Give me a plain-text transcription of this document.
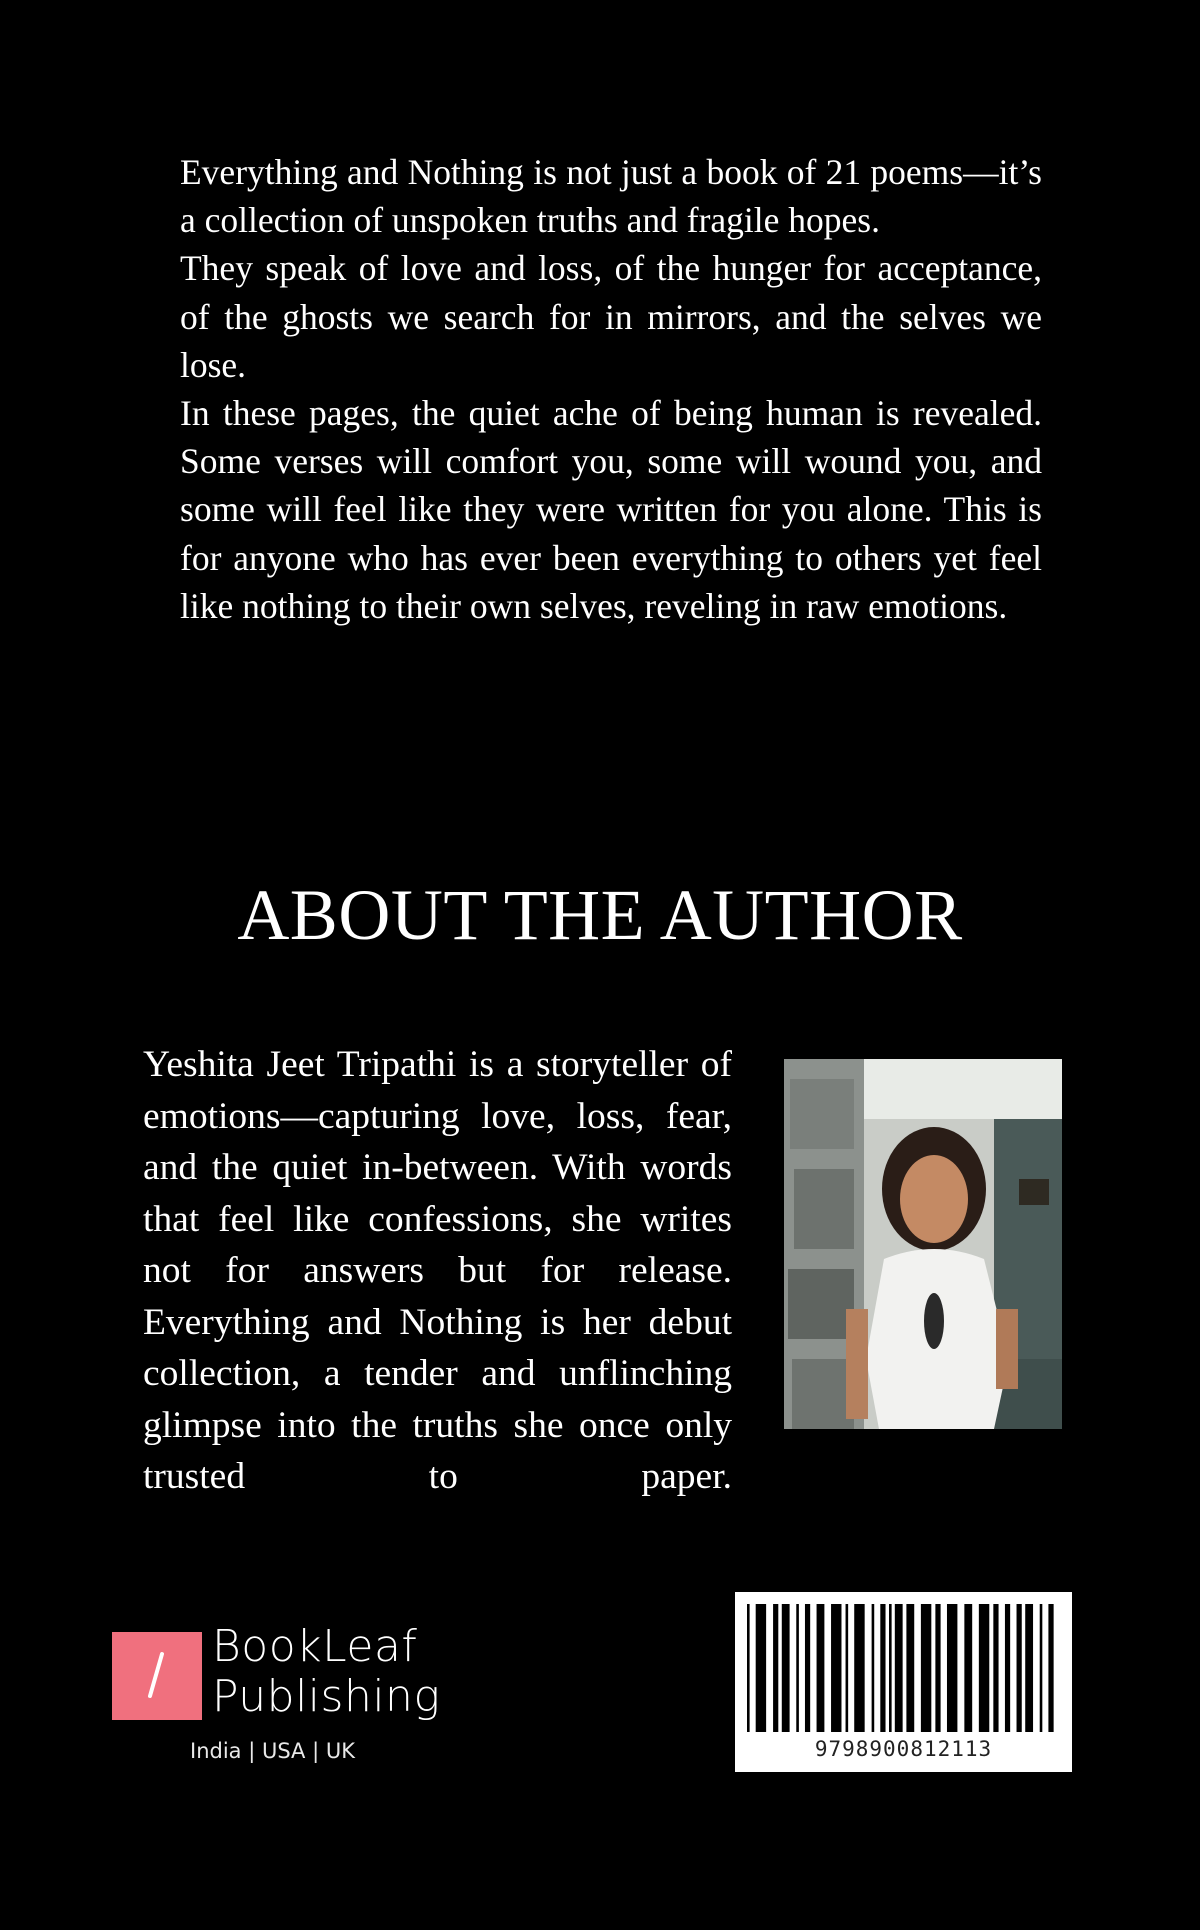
Everything and Nothing is not just a book of 21 poems—it’s a collection of unspoken truths and fragile hopes.

They speak of love and loss, of the hunger for acceptance, of the ghosts we search for in mirrors, and the selves we lose.

In these pages, the quiet ache of being human is revealed. Some verses will comfort you, some will wound you, and some will feel like they were written for you alone. This is for anyone who has ever been everything to others yet feel like nothing to their own selves, reveling in raw emotions.

ABOUT THE AUTHOR

Yeshita Jeet Tripathi is a storyteller of emotions—capturing love, loss, fear, and the quiet in-between. With words that feel like confessions, she writes not for answers but for release. Everything and Nothing is her debut collection, a tender and unflinching glimpse into the truths she once only trusted to paper.

BookLeaf
Publishing
India | USA | UK	9798900812113
